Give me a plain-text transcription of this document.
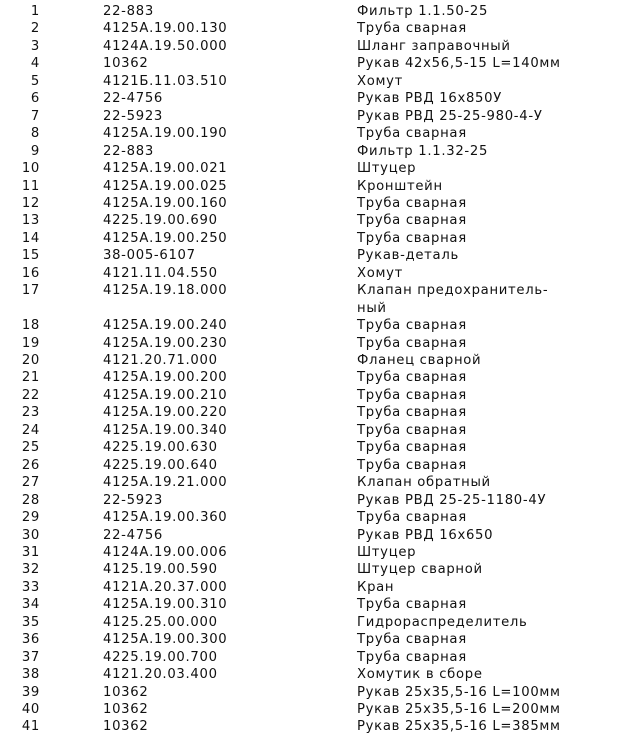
1	22-883	Фильтр 1.1.50-25
2	4125А.19.00.130	Труба сварная
3	4124А.19.50.000	Шланг заправочный
4	10362	Рукав 42х56,5-15 L=140мм
5	4121Б.11.03.510	Хомут
6	22-4756	Рукав РВД 16х850У
7	22-5923	Рукав РВД 25-25-980-4-У
8	4125А.19.00.190	Труба сварная
9	22-883	Фильтр 1.1.32-25
10	4125А.19.00.021	Штуцер
11	4125А.19.00.025	Кронштейн
12	4125А.19.00.160	Труба сварная
13	4225.19.00.690	Труба сварная
14	4125А.19.00.250	Труба сварная
15	38-005-6107	Рукав-деталь
16	4121.11.04.550	Хомут
17	4125А.19.18.000	Клапан предохранитель-
ный
18	4125А.19.00.240	Труба сварная
19	4125А.19.00.230	Труба сварная
20	4121.20.71.000	Фланец сварной
21	4125А.19.00.200	Труба сварная
22	4125А.19.00.210	Труба сварная
23	4125А.19.00.220	Труба сварная
24	4125А.19.00.340	Труба сварная
25	4225.19.00.630	Труба сварная
26	4225.19.00.640	Труба сварная
27	4125А.19.21.000	Клапан обратный
28	22-5923	Рукав РВД 25-25-1180-4У
29	4125А.19.00.360	Труба сварная
30	22-4756	Рукав РВД 16х650
31	4124А.19.00.006	Штуцер
32	4125.19.00.590	Штуцер сварной
33	4121А.20.37.000	Кран
34	4125А.19.00.310	Труба сварная
35	4125.25.00.000	Гидрораспределитель
36	4125А.19.00.300	Труба сварная
37	4225.19.00.700	Труба сварная
38	4121.20.03.400	Хомутик в сборе
39	10362	Рукав 25х35,5-16 L=100мм
40	10362	Рукав 25х35,5-16 L=200мм
41	10362	Рукав 25х35,5-16 L=385мм
